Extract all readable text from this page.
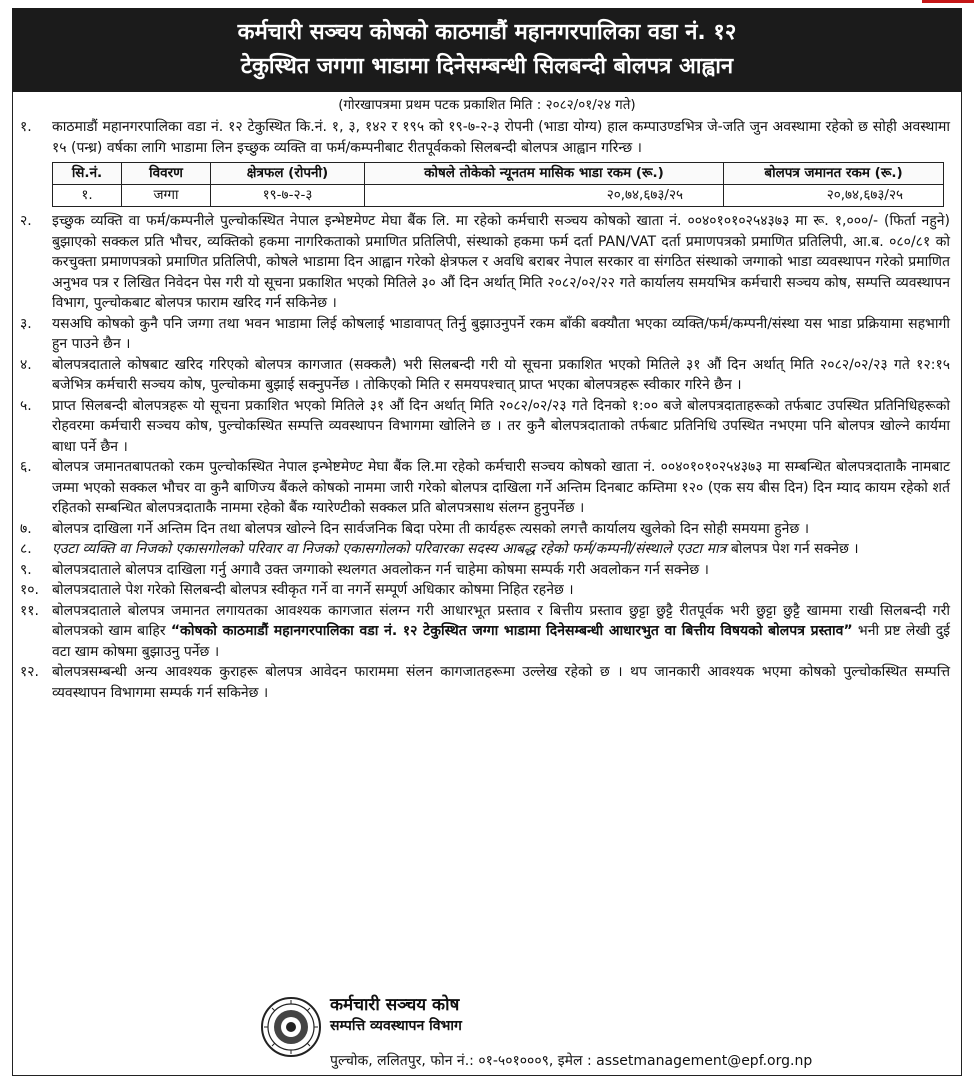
कर्मचारी सञ्चय कोषको काठमाडौं महानगरपालिका वडा नं. १२
टेकुस्थित जगगा भाडामा दिनेसम्बन्धी सिलबन्दी बोलपत्र आह्वान
(गोरखापत्रमा प्रथम पटक प्रकाशित मिति : २०८२/०१/२४ गते)
१.	काठमाडौं महानगरपालिका वडा नं. १२ टेकुस्थित कि.नं. १, ३, १४२ र १९५ को १९-७-२-३ रोपनी (भाडा योग्य) हाल कम्पाउण्डभित्र जे-जति जुन अवस्थामा रहेको छ सोही अवस्थामा १५ (पन्ध्र) वर्षका लागि भाडामा लिन इच्छुक व्यक्ति वा फर्म/कम्पनीबाट रीतपूर्वकको सिलबन्दी बोलपत्र आह्वान गरिन्छ ।
सि.नं.	विवरण	क्षेत्रफल (रोपनी)	कोषले तोकेको न्यूनतम मासिक भाडा रकम (रू.)	बोलपत्र जमानत रकम (रू.)
१.	जग्गा	१९-७-२-३	२०,७४,६७३/२५	२०,७४,६७३/२५
२.	इच्छुक व्यक्ति वा फर्म/कम्पनीले पुल्चोकस्थित नेपाल इन्भेष्टमेण्ट मेघा बैंक लि. मा रहेको कर्मचारी सञ्चय कोषको खाता नं. ००४०१०१०२५४३७३ मा रू. १,०००/- (फिर्ता नहुने) बुझाएको सक्कल प्रति भौचर, व्यक्तिको हकमा नागरिकताको प्रमाणित प्रतिलिपी, संस्थाको हकमा फर्म दर्ता PAN/VAT दर्ता प्रमाणपत्रको प्रमाणित प्रतिलिपी, आ.ब. ०८०/८१ को करचुक्ता प्रमाणपत्रको प्रमाणित प्रतिलिपी, कोषले भाडामा दिन आह्वान गरेको क्षेत्रफल र अवधि बराबर नेपाल सरकार वा संगठित संस्थाको जग्गाको भाडा व्यवस्थापन गरेको प्रमाणित अनुभव पत्र र लिखित निवेदन पेस गरी यो सूचना प्रकाशित भएको मितिले ३० औं दिन अर्थात् मिति २०८२/०२/२२ गते कार्यालय समयभित्र कर्मचारी सञ्चय कोष, सम्पत्ति व्यवस्थापन विभाग, पुल्चोकबाट बोलपत्र फाराम खरिद गर्न सकिनेछ ।
३.	यसअघि कोषको कुनै पनि जग्गा तथा भवन भाडामा लिई कोषलाई भाडावापत् तिर्नु बुझाउनुपर्ने रकम बाँकी बक्यौता भएका व्यक्ति/फर्म/कम्पनी/संस्था यस भाडा प्रक्रियामा सहभागी हुन पाउने छैन ।
४.	बोलपत्रदाताले कोषबाट खरिद गरिएको बोलपत्र कागजात (सक्कलै) भरी सिलबन्दी गरी यो सूचना प्रकाशित भएको मितिले ३१ औं दिन अर्थात् मिति २०८२/०२/२३ गते १२:१५ बजेभित्र कर्मचारी सञ्चय कोष, पुल्चोकमा बुझाई सक्नुपर्नेछ । तोकिएको मिति र समयपश्चात् प्राप्त भएका बोलपत्रहरू स्वीकार गरिने छैन ।
५.	प्राप्त सिलबन्दी बोलपत्रहरू यो सूचना प्रकाशित भएको मितिले ३१ औं दिन अर्थात् मिति २०८२/०२/२३ गते दिनको १:०० बजे बोलपत्रदाताहरूको तर्फबाट उपस्थित प्रतिनिधिहरूको रोहवरमा कर्मचारी सञ्चय कोष, पुल्चोकस्थित सम्पत्ति व्यवस्थापन विभागमा खोलिने छ । तर कुनै बोलपत्रदाताको तर्फबाट प्रतिनिधि उपस्थित नभएमा पनि बोलपत्र खोल्ने कार्यमा बाधा पर्ने छैन ।
६.	बोलपत्र जमानतबापतको रकम पुल्चोकस्थित नेपाल इन्भेष्टमेण्ट मेघा बैंक लि.मा रहेको कर्मचारी सञ्चय कोषको खाता नं. ००४०१०१०२५४३७३ मा सम्बन्धित बोलपत्रदाताकै नामबाट जम्मा भएको सक्कल भौचर वा कुनै बाणिज्य बैंकले कोषको नाममा जारी गरेको बोलपत्र दाखिला गर्ने अन्तिम दिनबाट कम्तिमा १२० (एक सय बीस दिन) दिन म्याद कायम रहेको शर्त रहितको सम्बन्धित बोलपत्रदाताकै नाममा रहेको बैंक ग्यारेण्टीको सक्कल प्रति बोलपत्रसाथ संलग्न हुनुपर्नेछ ।
७.	बोलपत्र दाखिला गर्ने अन्तिम दिन तथा बोलपत्र खोल्ने दिन सार्वजनिक बिदा परेमा ती कार्यहरू त्यसको लगत्तै कार्यालय खुलेको दिन सोही समयमा हुनेछ ।
८.	एउटा व्यक्ति वा निजको एकासगोलको परिवार वा निजको एकासगोलको परिवारका सदस्य आबद्ध रहेको फर्म/कम्पनी/संस्थाले एउटा मात्र बोलपत्र पेश गर्न सक्नेछ ।
९.	बोलपत्रदाताले बोलपत्र दाखिला गर्नु अगावै उक्त जग्गाको स्थलगत अवलोकन गर्न चाहेमा कोषमा सम्पर्क गरी अवलोकन गर्न सक्नेछ ।
१०. बोलपत्रदाताले पेश गरेको सिलबन्दी बोलपत्र स्वीकृत गर्ने वा नगर्ने सम्पूर्ण अधिकार कोषमा निहित रहनेछ ।
११. बोलपत्रदाताले बोलपत्र जमानत लगायतका आवश्यक कागजात संलग्न गरी आधारभूत प्रस्ताव र बित्तीय प्रस्ताव छुट्टा छुट्टै रीतपूर्वक भरी छुट्टा छुट्टै खाममा राखी सिलबन्दी गरी बोलपत्रको खाम बाहिर “कोषको काठमाडौं महानगरपालिका वडा नं. १२ टेकुस्थित जग्गा भाडामा दिनेसम्बन्धी आधारभुत वा बित्तीय विषयको बोलपत्र प्रस्ताव” भनी प्रष्ट लेखी दुई वटा खाम कोषमा बुझाउनु पर्नेछ ।
१२. बोलपत्रसम्बन्धी अन्य आवश्यक कुराहरू बोलपत्र आवेदन फाराममा संलन कागजातहरूमा उल्लेख रहेको छ । थप जानकारी आवश्यक भएमा कोषको पुल्चोकस्थित सम्पत्ति व्यवस्थापन विभागमा सम्पर्क गर्न सकिनेछ ।
कर्मचारी सञ्चय कोष
सम्पत्ति व्यवस्थापन विभाग
पुल्चोक, ललितपुर, फोन नं.: ०१-५०१०००९, इमेल : assetmanagement@epf.org.np
